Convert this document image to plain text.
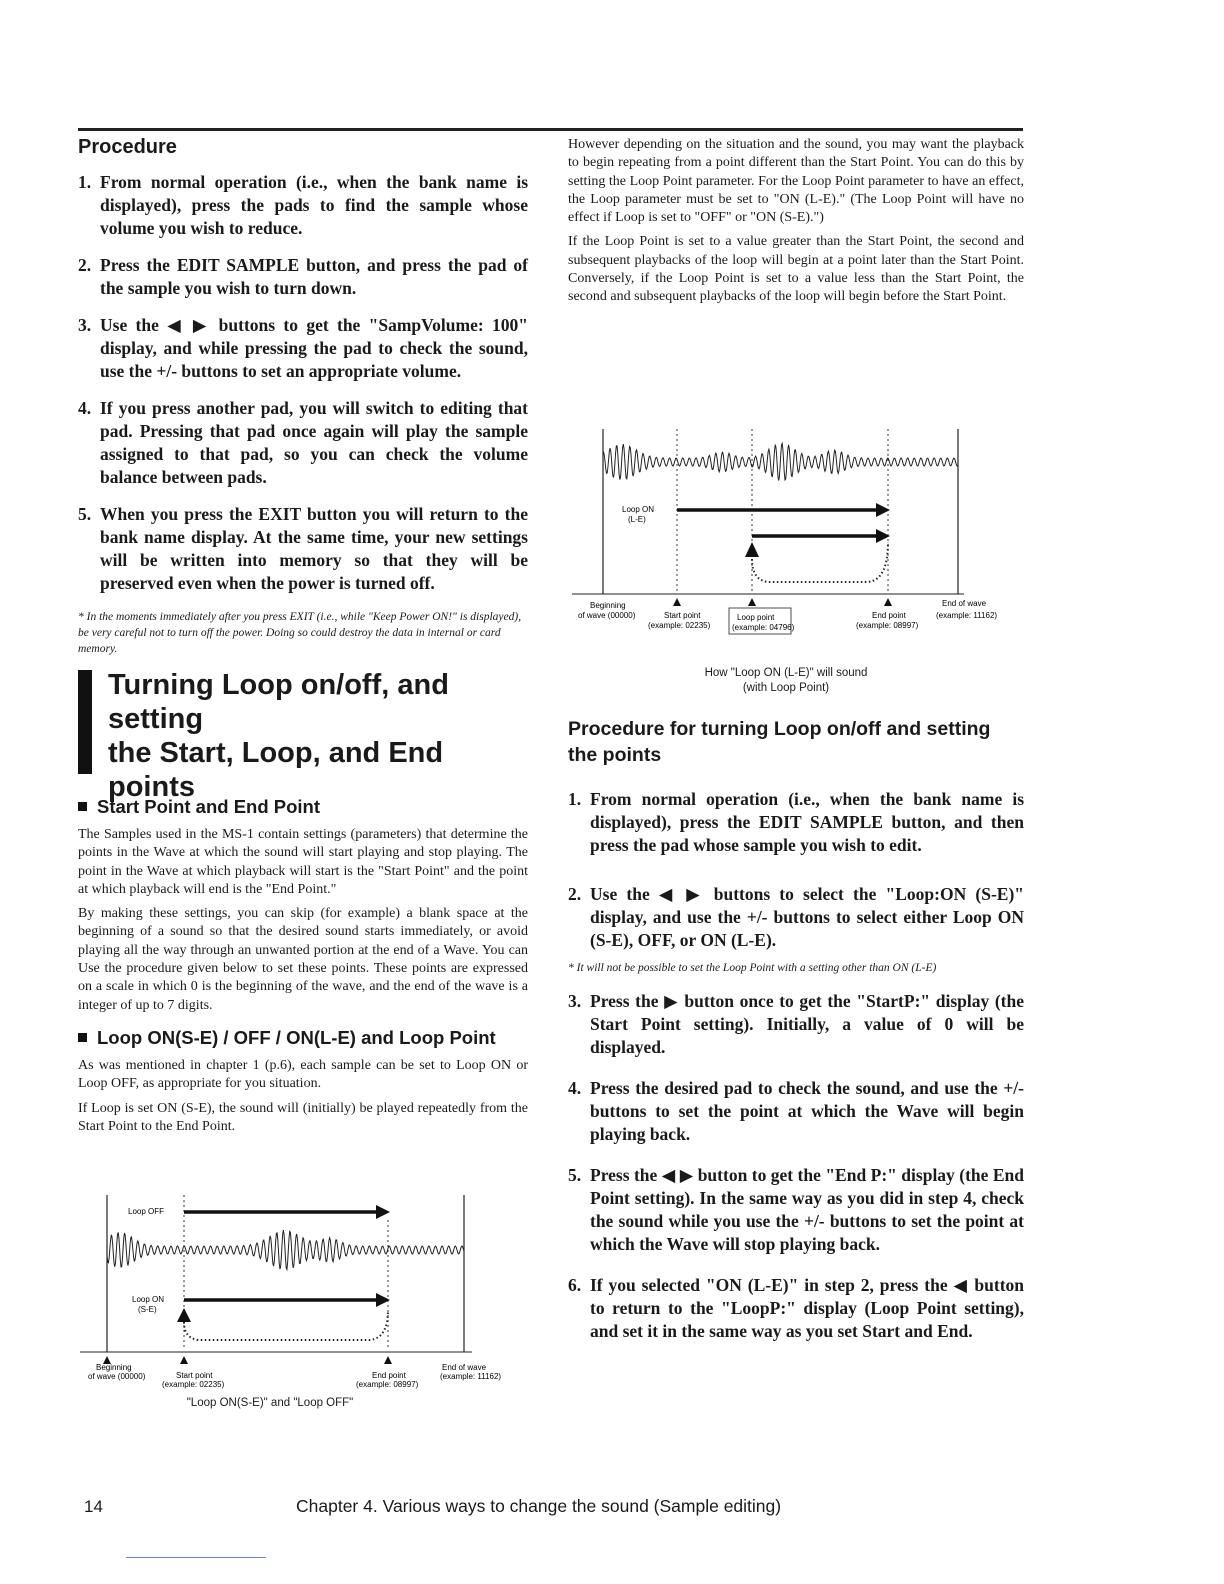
Procedure
1. From normal operation (i.e., when the bank name is displayed), press the pads to find the sample whose volume you wish to reduce.
2. Press the EDIT SAMPLE button, and press the pad of the sample you wish to turn down.
3. Use the ◀ ▶ buttons to get the "SampVolume: 100" display, and while pressing the pad to check the sound, use the +/- buttons to set an appropriate volume.
4. If you press another pad, you will switch to editing that pad. Pressing that pad once again will play the sample assigned to that pad, so you can check the volume balance between pads.
5. When you press the EXIT button you will return to the bank name display. At the same time, your new settings will be written into memory so that they will be preserved even when the power is turned off.
* In the moments immediately after you press EXIT (i.e., while "Keep Power ON!" is displayed), be very careful not to turn off the power. Doing so could destroy the data in internal or card memory.
Turning Loop on/off, and setting
the Start, Loop, and End points
Start Point and End Point

The Samples used in the MS-1 contain settings (parameters) that determine the points in the Wave at which the sound will start playing and stop playing. The point in the Wave at which playback will start is the "Start Point" and the point at which playback will end is the "End Point."

By making these settings, you can skip (for example) a blank space at the beginning of a sound so that the desired sound starts immediately, or avoid playing all the way through an unwanted portion at the end of a Wave. You can Use the procedure given below to set these points. These points are expressed on a scale in which 0 is the beginning of the wave, and the end of the wave is a integer of up to 7 digits.

Loop ON(S-E) / OFF / ON(L-E) and Loop Point

As was mentioned in chapter 1 (p.6), each sample can be set to Loop ON or Loop OFF, as appropriate for you situation.

If Loop is set ON (S-E), the sound will (initially) be played repeatedly from the Start Point to the End Point.

Loop OFF
Loop ON
(S-E)
Beginning
of wave (00000)	Start point
(example: 02235)
End point
(example: 08997)
End of wave
(example: 11162)
"Loop ON(S-E)" and "Loop OFF"

However depending on the situation and the sound, you may want the playback to begin repeating from a point different than the Start Point. You can do this by setting the Loop Point parameter. For the Loop Point parameter to have an effect, the Loop parameter must be set to "ON (L-E)." (The Loop Point will have no effect if Loop is set to "OFF" or "ON (S-E).")

If the Loop Point is set to a value greater than the Start Point, the second and subsequent playbacks of the loop will begin at a point later than the Start Point. Conversely, if the Loop Point is set to a value less than the Start Point, the second and subsequent playbacks of the loop will begin before the Start Point.

Loop ON
(L-E)
Beginning
of wave (00000)	Start point
(example: 02235)
Loop point
(example: 04796)
End point
(example: 08997)
End of wave
(example: 11162)
How "Loop ON (L-E)" will sound
(with Loop Point)
Procedure for turning Loop on/off and setting
the points
1. From normal operation (i.e., when the bank name is displayed), press the EDIT SAMPLE button, and then press the pad whose sample you wish to edit.
2. Use the ◀ ▶ buttons to select the "Loop:ON (S-E)" display, and use the +/- buttons to select either Loop ON (S-E), OFF, or ON (L-E).
* It will not be possible to set the Loop Point with a setting other than ON (L-E)
3. Press the ▶ button once to get the "StartP:" display (the Start Point setting). Initially, a value of 0 will be displayed.
4. Press the desired pad to check the sound, and use the +/- buttons to set the point at which the Wave will begin playing back.
5. Press the ◀ ▶ button to get the "End P:" display (the End Point setting). In the same way as you did in step 4, check the sound while you use the +/- buttons to set the point at which the Wave will stop playing back.
6. If you selected "ON (L-E)" in step 2, press the ◀ button to return to the "LoopP:" display (Loop Point setting), and set it in the same way as you set Start and End.
14	Chapter 4. Various ways to change the sound (Sample editing)
